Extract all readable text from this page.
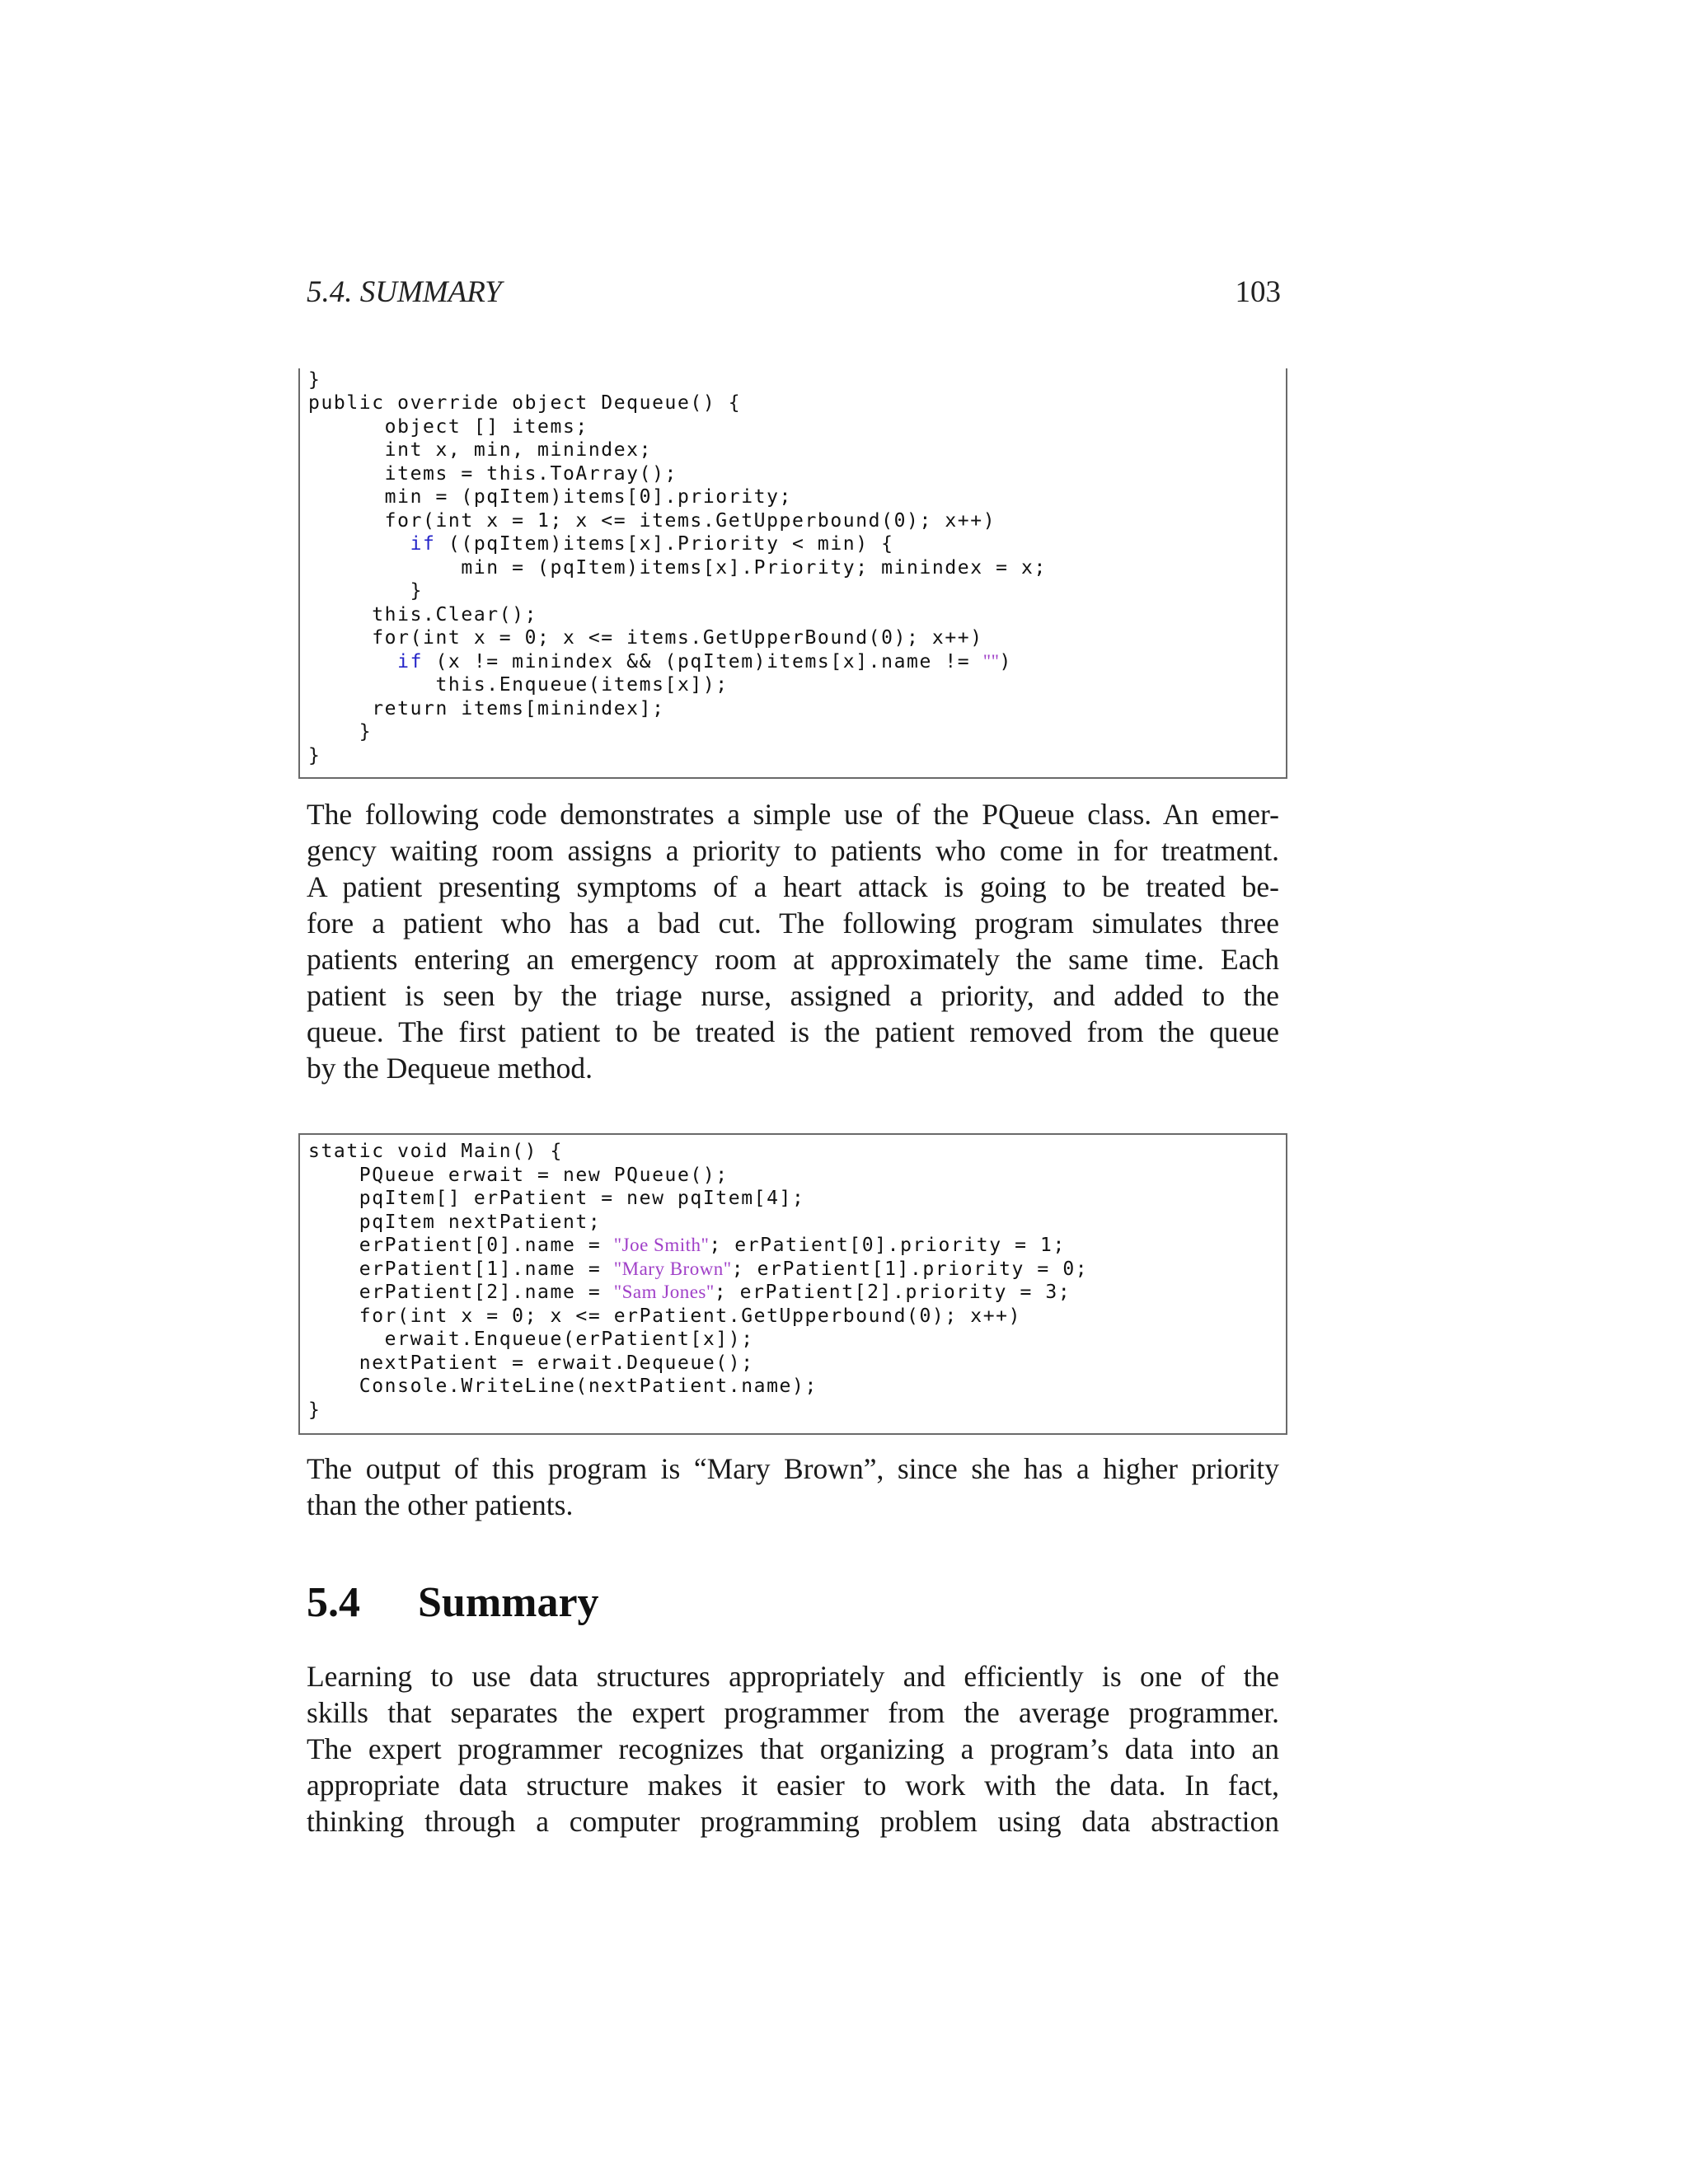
5.4. SUMMARY	103
}
public override object Dequeue() {
object [] items;
int x, min, minindex;
items = this.ToArray();
min = (pqItem)items[0].priority;
for(int x = 1; x <= items.GetUpperbound(0); x++)
if ((pqItem)items[x].Priority < min) {
min = (pqItem)items[x].Priority; minindex = x;
}
this.Clear();
for(int x = 0; x <= items.GetUpperBound(0); x++)
if (x != minindex && (pqItem)items[x].name != "")
this.Enqueue(items[x]);
return items[minindex];
}
}
The following code demonstrates a simple use of the PQueue class. An emer-
gency waiting room assigns a priority to patients who come in for treatment.
A patient presenting symptoms of a heart attack is going to be treated be-
fore a patient who has a bad cut. The following program simulates three
patients entering an emergency room at approximately the same time. Each
patient is seen by the triage nurse, assigned a priority, and added to the
queue. The first patient to be treated is the patient removed from the queue
by the Dequeue method.
static void Main() {
PQueue erwait = new PQueue();
pqItem[] erPatient = new pqItem[4];
pqItem nextPatient;
erPatient[0].name = "Joe Smith"; erPatient[0].priority = 1;
erPatient[1].name = "Mary Brown"; erPatient[1].priority = 0;
erPatient[2].name = "Sam Jones"; erPatient[2].priority = 3;
for(int x = 0; x <= erPatient.GetUpperbound(0); x++)
erwait.Enqueue(erPatient[x]);
nextPatient = erwait.Dequeue();
Console.WriteLine(nextPatient.name);
}
The output of this program is “Mary Brown”, since she has a higher priority
than the other patients.
5.4 Summary
Learning to use data structures appropriately and efficiently is one of the
skills that separates the expert programmer from the average programmer.
The expert programmer recognizes that organizing a program’s data into an
appropriate data structure makes it easier to work with the data. In fact,
thinking through a computer programming problem using data abstraction
